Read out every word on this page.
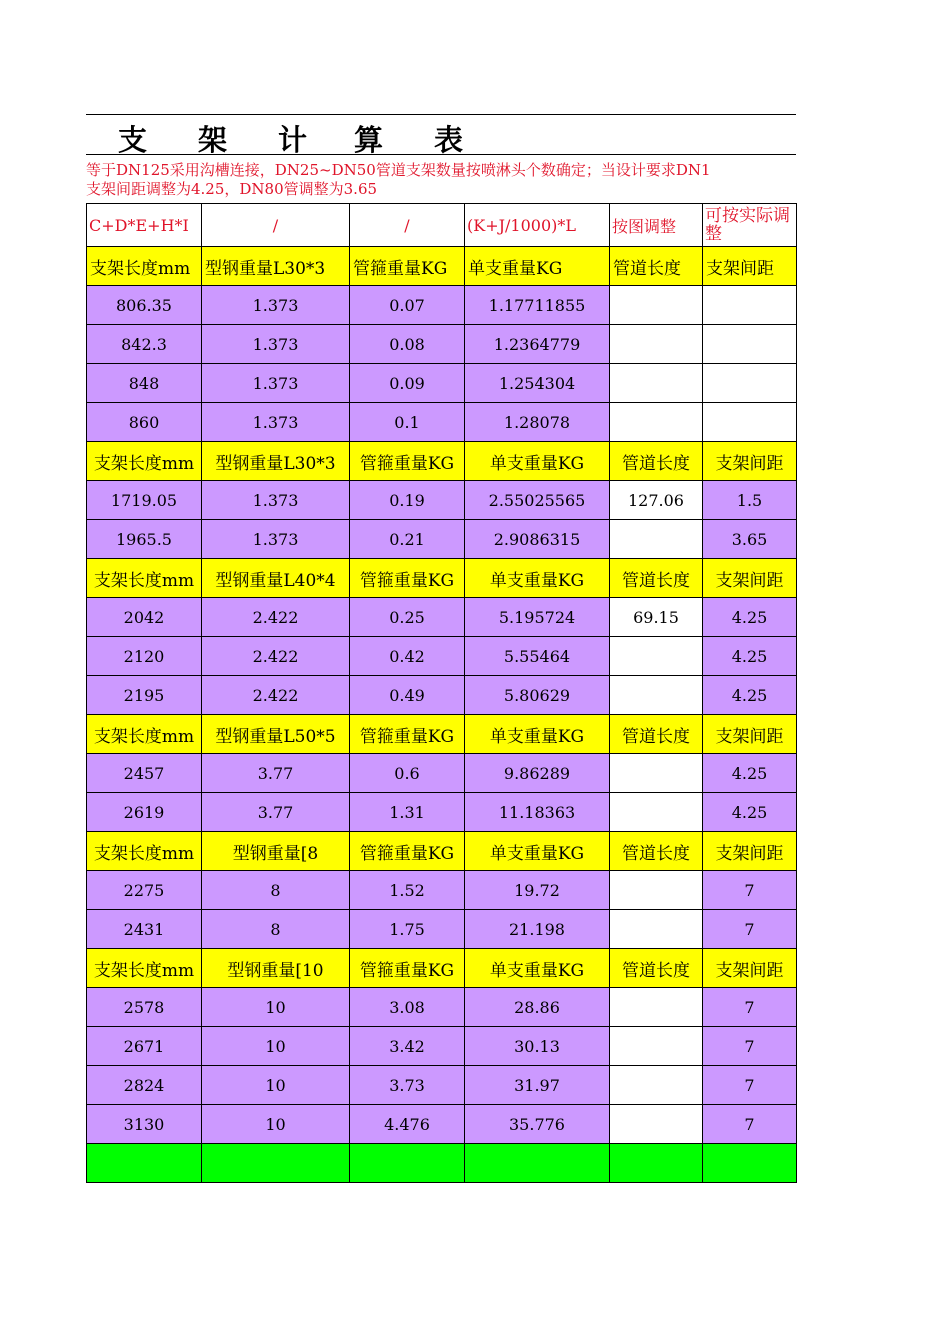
支 架 计 算 表
等于DN125采用沟槽连接，DN25~DN50管道支架数量按喷淋头个数确定；当设计要求DN1
支架间距调整为4.25，DN80管调整为3.65
C+D*E+H*I	/	/	(K+J/1000)*L	按图调整	可按实际调整
支架长度mm	型钢重量L30*3	管箍重量KG	单支重量KG	管道长度	支架间距
806.35	1.373	0.07	1.17711855		
842.3	1.373	0.08	1.2364779		
848	1.373	0.09	1.254304		
860	1.373	0.1	1.28078		
支架长度mm	型钢重量L30*3	管箍重量KG	单支重量KG	管道长度	支架间距
1719.05	1.373	0.19	2.55025565	127.06	1.5
1965.5	1.373	0.21	2.9086315		3.65
支架长度mm	型钢重量L40*4	管箍重量KG	单支重量KG	管道长度	支架间距
2042	2.422	0.25	5.195724	69.15	4.25
2120	2.422	0.42	5.55464		4.25
2195	2.422	0.49	5.80629		4.25
支架长度mm	型钢重量L50*5	管箍重量KG	单支重量KG	管道长度	支架间距
2457	3.77	0.6	9.86289		4.25
2619	3.77	1.31	11.18363		4.25
支架长度mm	型钢重量[8	管箍重量KG	单支重量KG	管道长度	支架间距
2275	8	1.52	19.72		7
2431	8	1.75	21.198		7
支架长度mm	型钢重量[10	管箍重量KG	单支重量KG	管道长度	支架间距
2578	10	3.08	28.86		7
2671	10	3.42	30.13		7
2824	10	3.73	31.97		7
3130	10	4.476	35.776		7
